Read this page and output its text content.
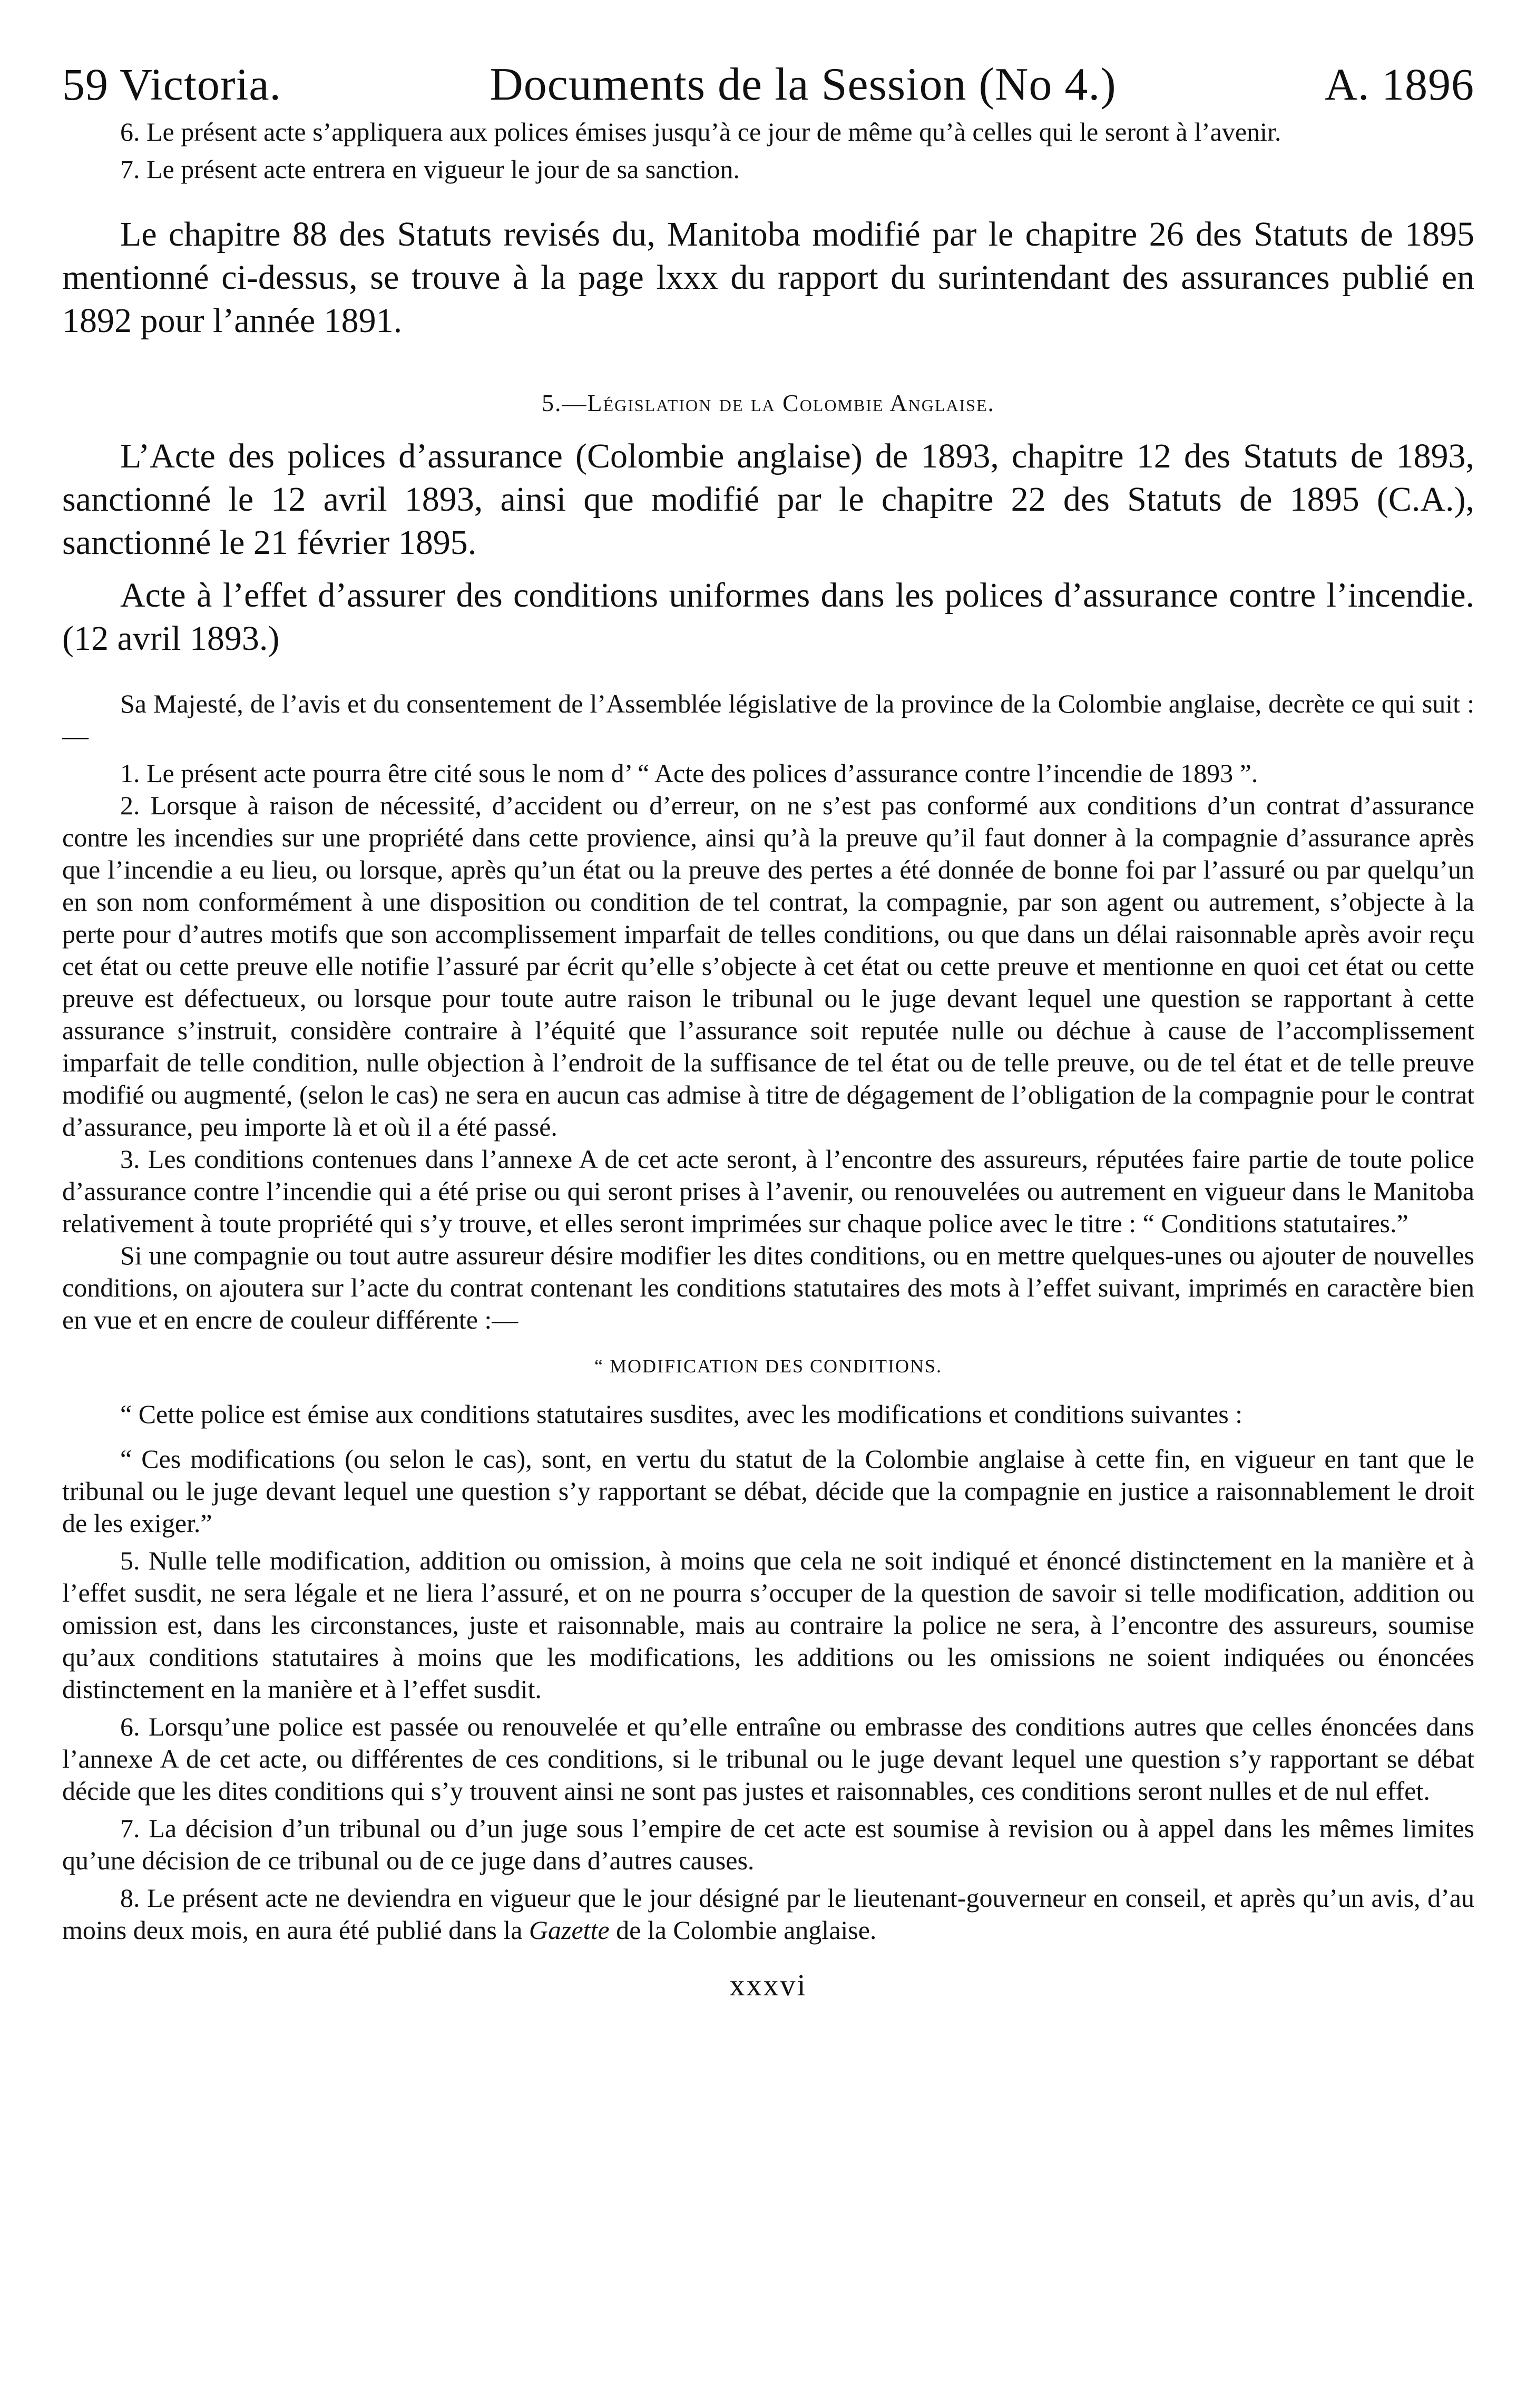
59 Victoria.	Documents de la Session (No 4.)	A. 1896

6. Le présent acte s’appliquera aux polices émises jusqu’à ce jour de même qu’à celles qui le seront à l’avenir.

7. Le présent acte entrera en vigueur le jour de sa sanction.

Le chapitre 88 des Statuts revisés du, Manitoba modifié par le chapitre 26 des Statuts de 1895 mentionné ci-dessus, se trouve à la page lxxx du rapport du surintendant des assurances publié en 1892 pour l’année 1891.

5.—Législation de la Colombie Anglaise.

L’Acte des polices d’assurance (Colombie anglaise) de 1893, chapitre 12 des Statuts de 1893, sanctionné le 12 avril 1893, ainsi que modifié par le chapitre 22 des Statuts de 1895 (C.A.), sanctionné le 21 février 1895.

Acte à l’effet d’assurer des conditions uniformes dans les polices d’assurance contre l’incendie. (12 avril 1893.)

Sa Majesté, de l’avis et du consentement de l’Assemblée législative de la province de la Colombie anglaise, decrète ce qui suit :—

1. Le présent acte pourra être cité sous le nom d’ “ Acte des polices d’assurance contre l’incendie de 1893 ”.

2. Lorsque à raison de nécessité, d’accident ou d’erreur, on ne s’est pas conformé aux conditions d’un contrat d’assurance contre les incendies sur une propriété dans cette provience, ainsi qu’à la preuve qu’il faut donner à la compagnie d’assurance après que l’incendie a eu lieu, ou lorsque, après qu’un état ou la preuve des pertes a été donnée de bonne foi par l’assuré ou par quelqu’un en son nom conformément à une disposition ou condition de tel contrat, la compagnie, par son agent ou autrement, s’objecte à la perte pour d’autres motifs que son accomplissement imparfait de telles conditions, ou que dans un délai raisonnable après avoir reçu cet état ou cette preuve elle notifie l’assuré par écrit qu’elle s’objecte à cet état ou cette preuve et mentionne en quoi cet état ou cette preuve est défectueux, ou lorsque pour toute autre raison le tribunal ou le juge devant lequel une question se rapportant à cette assurance s’instruit, considère contraire à l’équité que l’assurance soit reputée nulle ou déchue à cause de l’accomplissement imparfait de telle condition, nulle objection à l’endroit de la suffisance de tel état ou de telle preuve, ou de tel état et de telle preuve modifié ou augmenté, (selon le cas) ne sera en aucun cas admise à titre de dégagement de l’obligation de la compagnie pour le contrat d’assurance, peu importe là et où il a été passé.

3. Les conditions contenues dans l’annexe A de cet acte seront, à l’encontre des assureurs, réputées faire partie de toute police d’assurance contre l’incendie qui a été prise ou qui seront prises à l’avenir, ou renouvelées ou autrement en vigueur dans le Manitoba relativement à toute propriété qui s’y trouve, et elles seront imprimées sur chaque police avec le titre : “ Conditions statutaires.”

Si une compagnie ou tout autre assureur désire modifier les dites conditions, ou en mettre quelques-unes ou ajouter de nouvelles conditions, on ajoutera sur l’acte du contrat contenant les conditions statutaires des mots à l’effet suivant, imprimés en caractère bien en vue et en encre de couleur différente :—

“ MODIFICATION DES CONDITIONS.

“ Cette police est émise aux conditions statutaires susdites, avec les modifications et conditions suivantes :

“ Ces modifications (ou selon le cas), sont, en vertu du statut de la Colombie anglaise à cette fin, en vigueur en tant que le tribunal ou le juge devant lequel une question s’y rapportant se débat, décide que la compagnie en justice a raisonnablement le droit de les exiger.”

5. Nulle telle modification, addition ou omission, à moins que cela ne soit indiqué et énoncé distinctement en la manière et à l’effet susdit, ne sera légale et ne liera l’assuré, et on ne pourra s’occuper de la question de savoir si telle modification, addition ou omission est, dans les circonstances, juste et raisonnable, mais au contraire la police ne sera, à l’encontre des assureurs, soumise qu’aux conditions statutaires à moins que les modifications, les additions ou les omissions ne soient indiquées ou énoncées distinctement en la manière et à l’effet susdit.

6. Lorsqu’une police est passée ou renouvelée et qu’elle entraîne ou embrasse des conditions autres que celles énoncées dans l’annexe A de cet acte, ou différentes de ces conditions, si le tribunal ou le juge devant lequel une question s’y rapportant se débat décide que les dites conditions qui s’y trouvent ainsi ne sont pas justes et raisonnables, ces conditions seront nulles et de nul effet.

7. La décision d’un tribunal ou d’un juge sous l’empire de cet acte est soumise à revision ou à appel dans les mêmes limites qu’une décision de ce tribunal ou de ce juge dans d’autres causes.

8. Le présent acte ne deviendra en vigueur que le jour désigné par le lieutenant-gouverneur en conseil, et après qu’un avis, d’au moins deux mois, en aura été publié dans la Gazette de la Colombie anglaise.

xxxvi
